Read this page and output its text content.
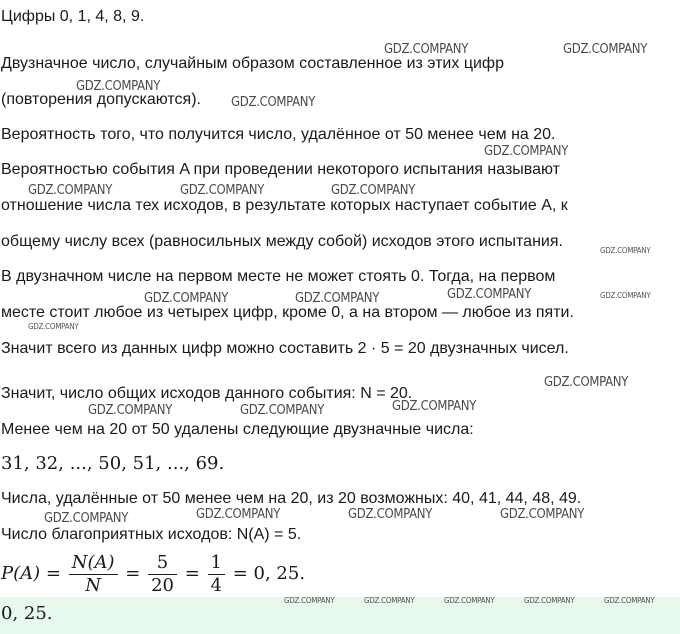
Цифры 0, 1, 4, 8, 9.
Двузначное число, случайным образом составленное из этих цифр
(повторения допускаются).
Вероятность того, что получится число, удалённое от 50 менее чем на 20.
Вероятностью события A при проведении некоторого испытания называют
отношение числа тех исходов, в результате которых наступает событие A, к
общему числу всех (равносильных между собой) исходов этого испытания.
В двузначном числе на первом месте не может стоять 0. Тогда, на первом
месте стоит любое из четырех цифр, кроме 0, а на втором — любое из пяти.
Значит всего из данных цифр можно составить 2 · 5 = 20 двузначных чисел.
Значит, число общих исходов данного события: N = 20.
Менее чем на 20 от 50 удалены следующие двузначные числа:
31, 32, ..., 50, 51, ..., 69.
Числа, удалённые от 50 менее чем на 20, из 20 возможных: 40, 41, 44, 48, 49.
Число благоприятных исходов: N(A) = 5.
$P(A) = \frac{N(A)}{N} = \frac{5}{20} = \frac{1}{4} = 0$, 25.
0, 25.
GDZ.COMPANY	GDZ.COMPANY
GDZ.COMPANY
GDZ.COMPANY
GDZ.COMPANY
GDZ.COMPANY	GDZ.COMPANY	GDZ.COMPANY
GDZ.COMPANY
GDZ.COMPANY
GDZ.COMPANY	GDZ.COMPANY	GDZ.COMPANY
GDZ.COMPANY
GDZ.COMPANY
GDZ.COMPANY
GDZ.COMPANY	GDZ.COMPANY
GDZ.COMPANY	GDZ.COMPANY	GDZ.COMPANY	GDZ.COMPANY
GDZ.COMPANY	GDZ.COMPANY	GDZ.COMPANY	GDZ.COMPANY	GDZ.COMPANY
